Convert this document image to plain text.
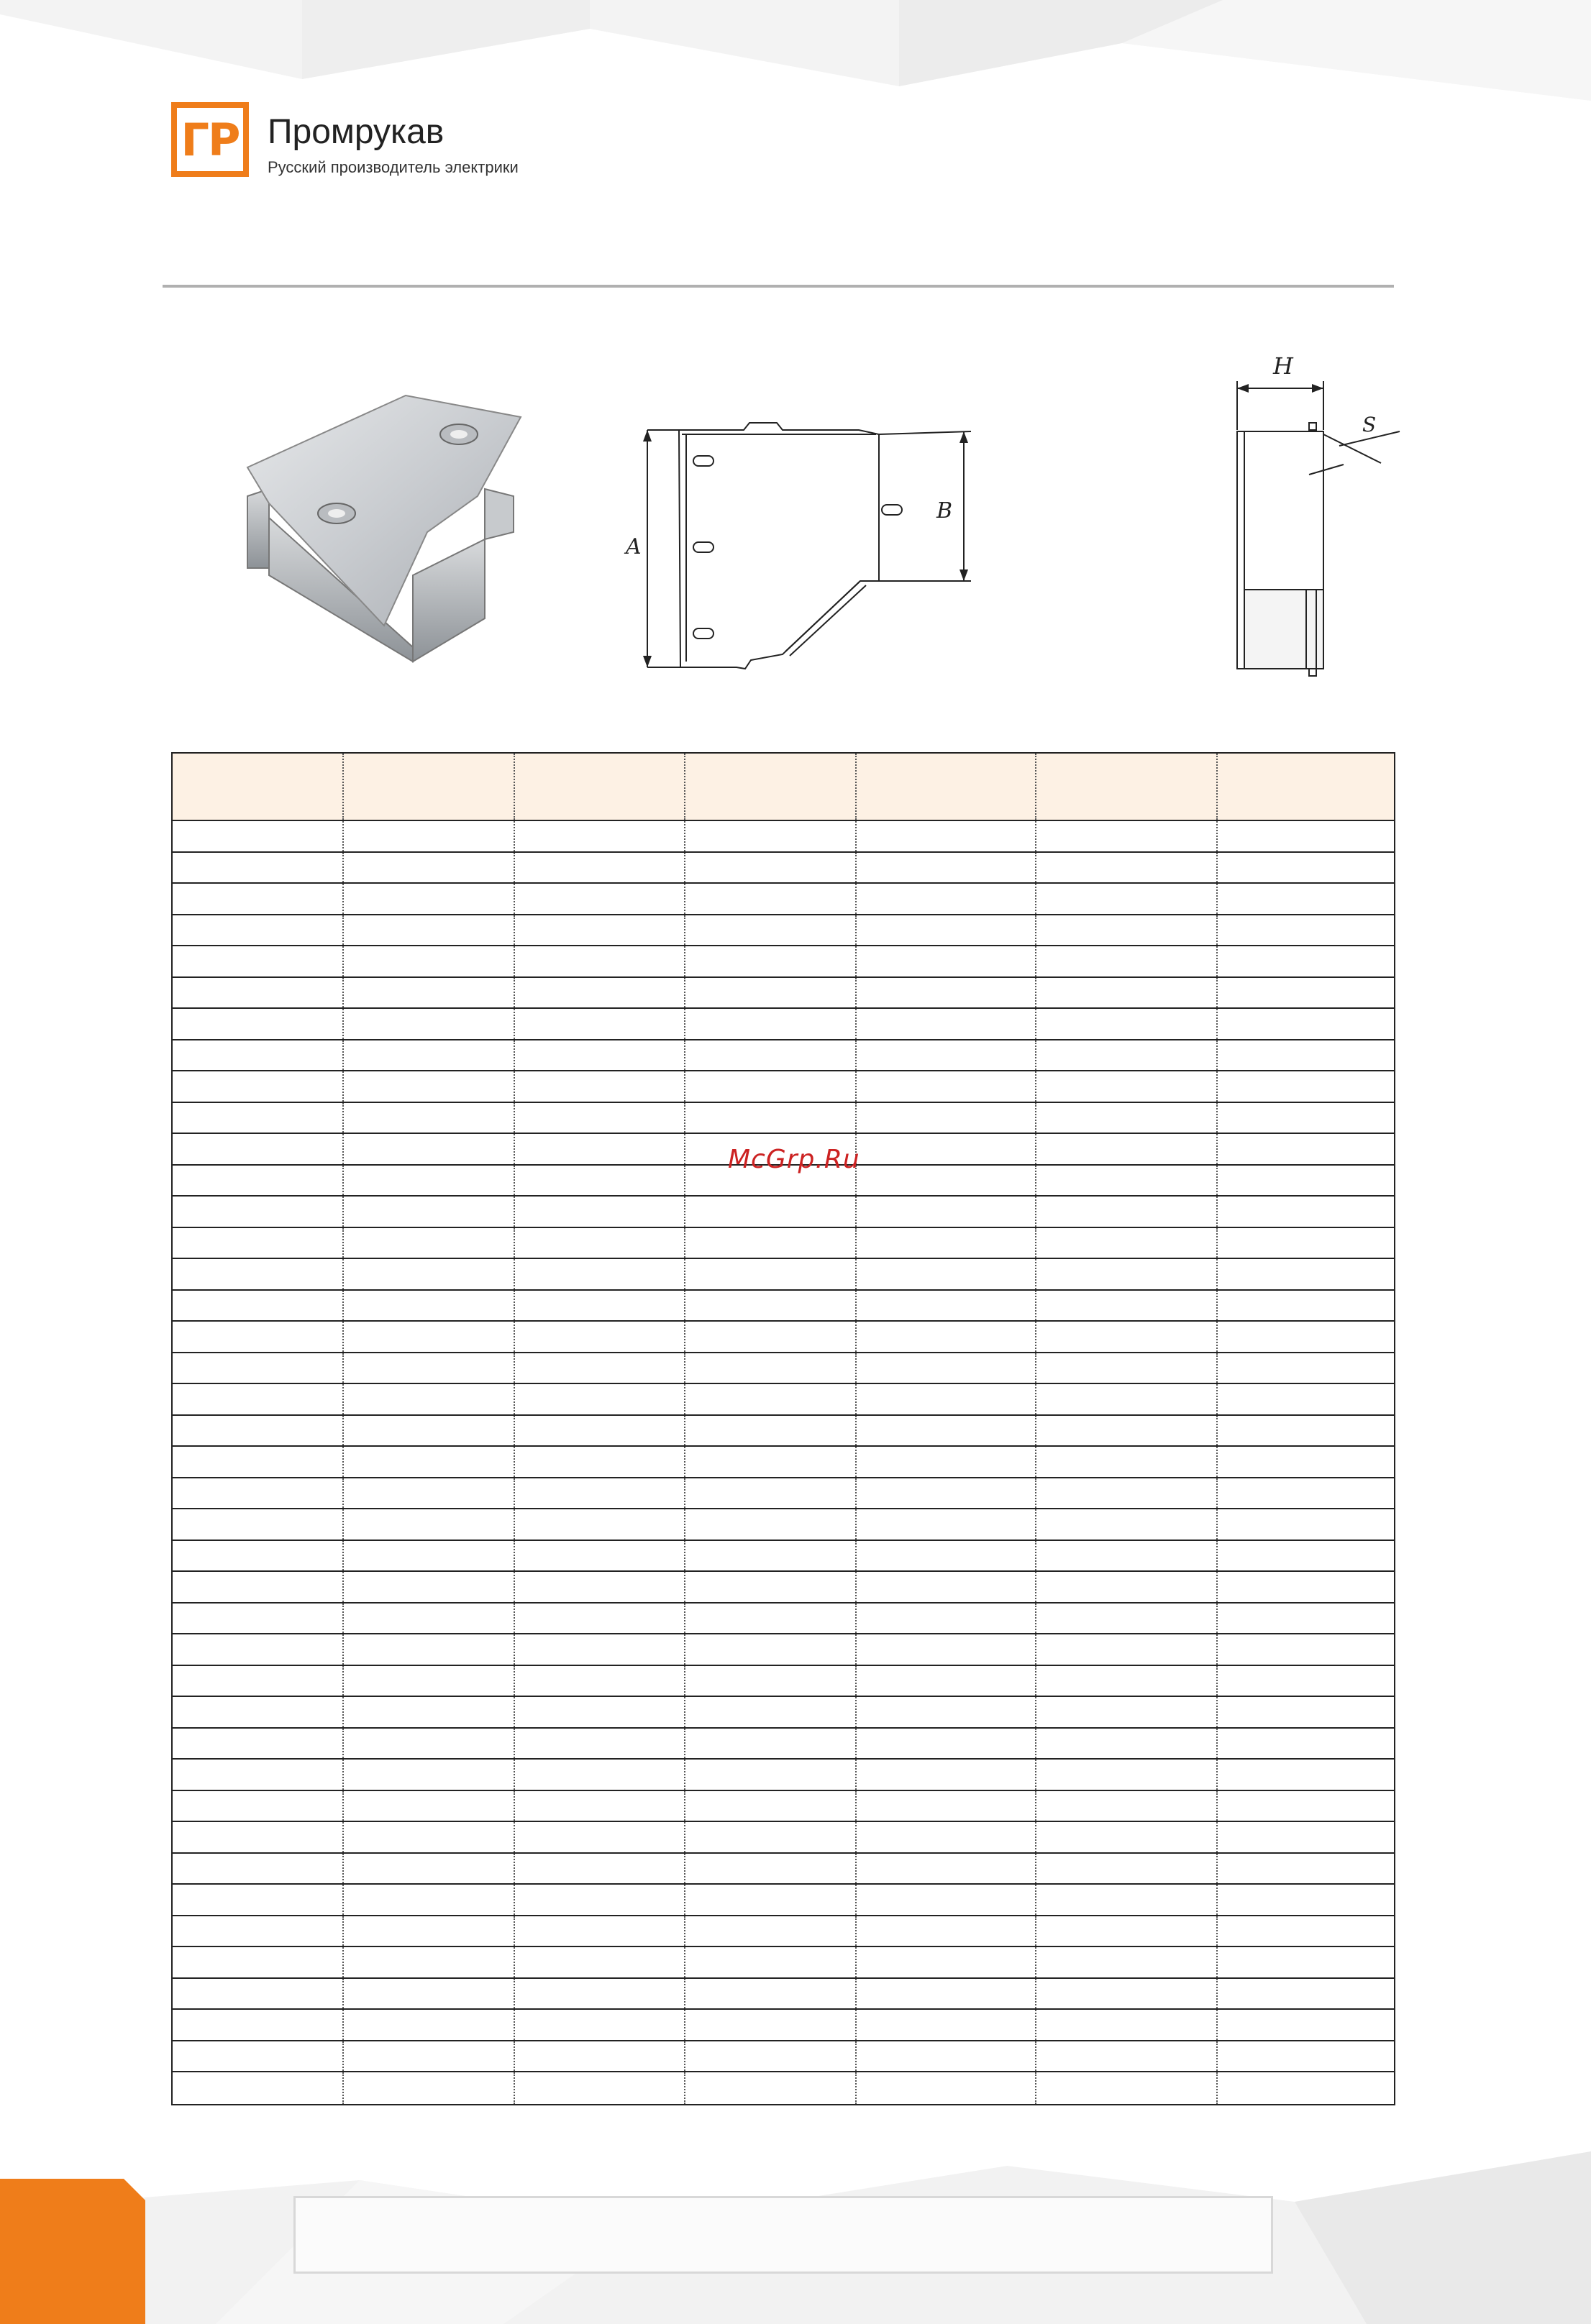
ГР Промрукав
Русский производитель электрики
A
B
H
S
McGrp.Ru
